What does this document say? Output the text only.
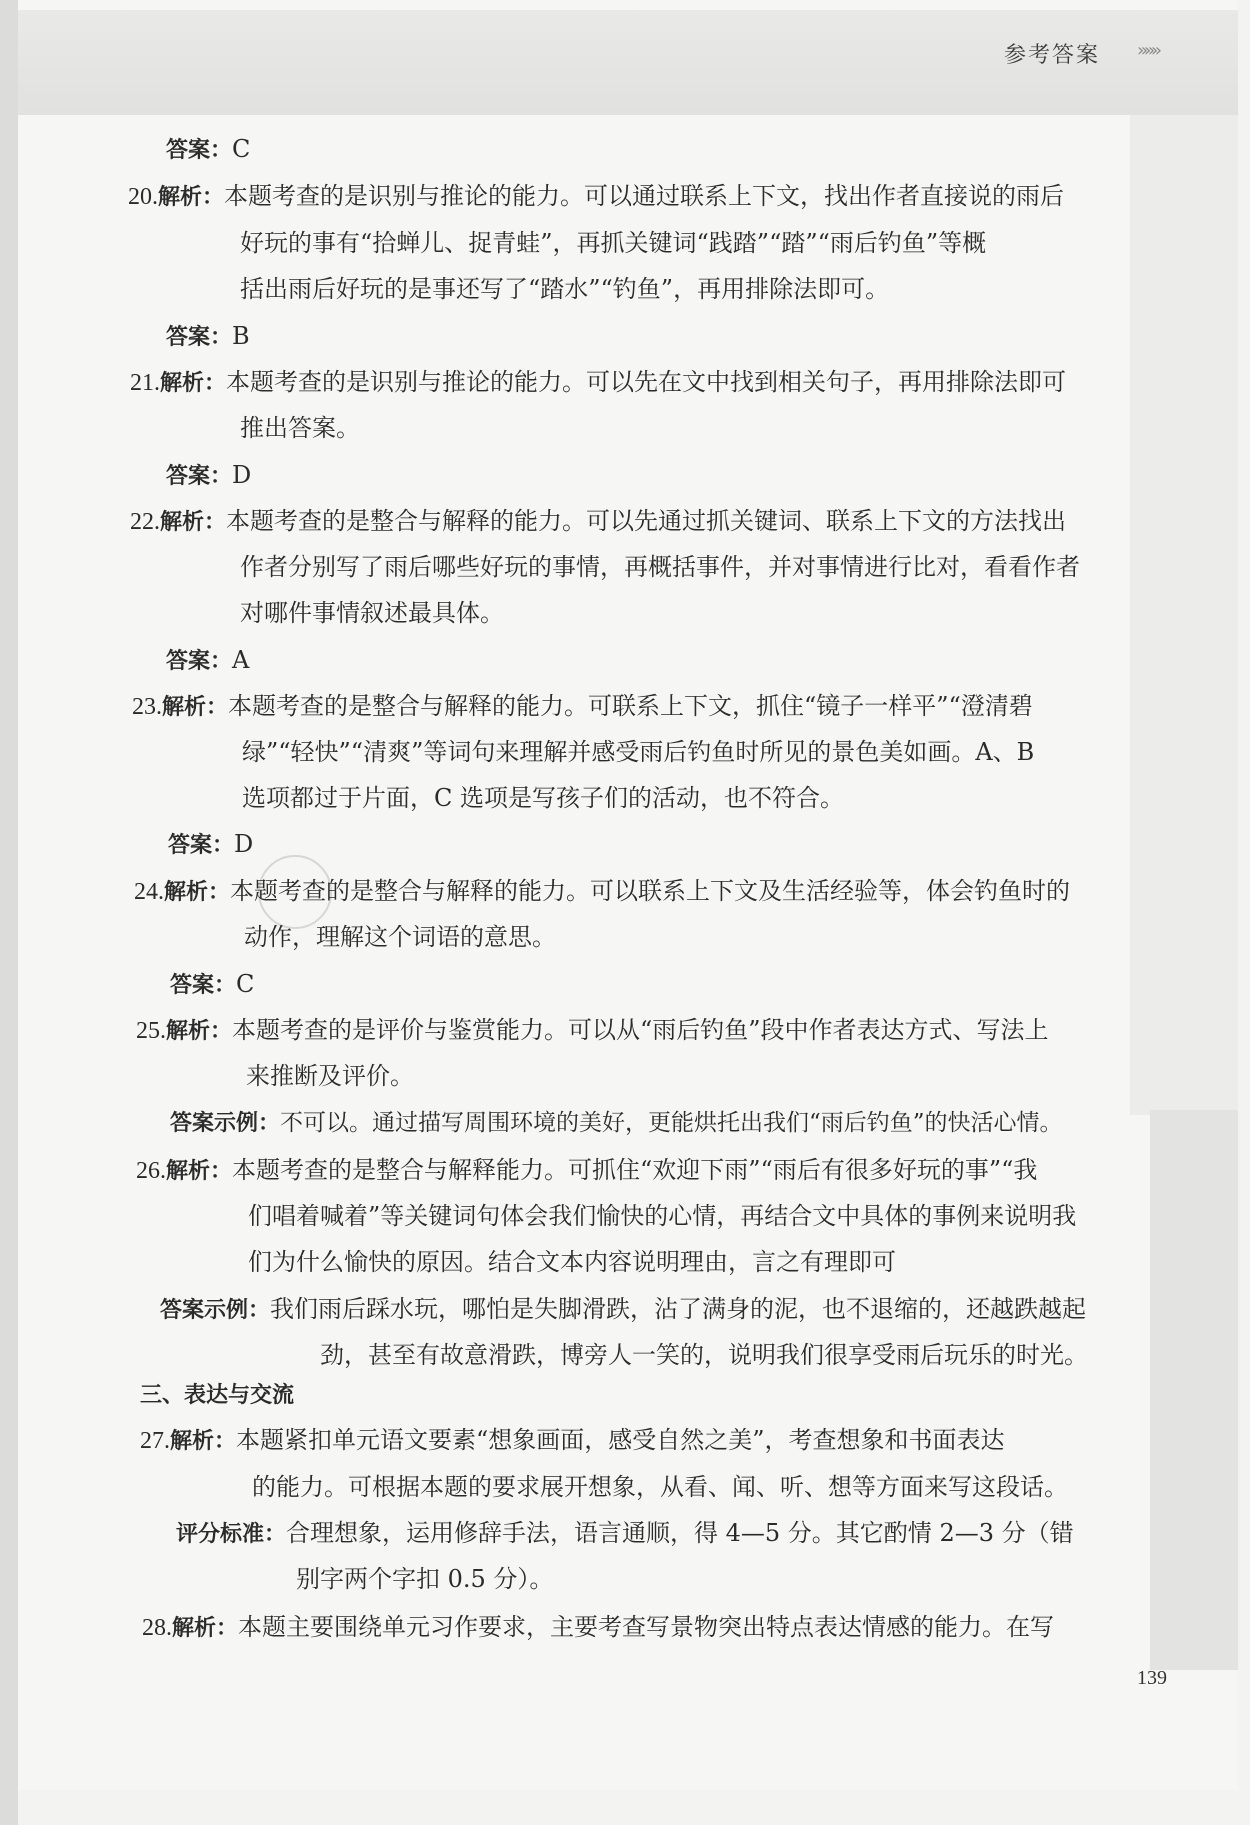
参考答案 »»»
答案：C
20.解析：本题考查的是识别与推论的能力。可以通过联系上下文，找出作者直接说的雨后
好玩的事有“拾蝉儿、捉青蛙”，再抓关键词“践踏”“踏”“雨后钓鱼”等概
括出雨后好玩的是事还写了“踏水”“钓鱼”，再用排除法即可。
答案：B
21.解析：本题考查的是识别与推论的能力。可以先在文中找到相关句子，再用排除法即可
推出答案。
答案：D
22.解析：本题考查的是整合与解释的能力。可以先通过抓关键词、联系上下文的方法找出
作者分别写了雨后哪些好玩的事情，再概括事件，并对事情进行比对，看看作者
对哪件事情叙述最具体。
答案：A
23.解析：本题考查的是整合与解释的能力。可联系上下文，抓住“镜子一样平”“澄清碧
绿”“轻快”“清爽”等词句来理解并感受雨后钓鱼时所见的景色美如画。A、B
选项都过于片面，C 选项是写孩子们的活动，也不符合。
答案：D
24.解析：本题考查的是整合与解释的能力。可以联系上下文及生活经验等，体会钓鱼时的
动作，理解这个词语的意思。
答案：C
25.解析：本题考查的是评价与鉴赏能力。可以从“雨后钓鱼”段中作者表达方式、写法上
来推断及评价。
答案示例：不可以。通过描写周围环境的美好，更能烘托出我们“雨后钓鱼”的快活心情。
26.解析：本题考查的是整合与解释能力。可抓住“欢迎下雨”“雨后有很多好玩的事”“我
们唱着喊着”等关键词句体会我们愉快的心情，再结合文中具体的事例来说明我
们为什么愉快的原因。结合文本内容说明理由，言之有理即可
答案示例：我们雨后踩水玩，哪怕是失脚滑跌，沾了满身的泥，也不退缩的，还越跌越起
劲，甚至有故意滑跌，博旁人一笑的，说明我们很享受雨后玩乐的时光。
三、表达与交流
27.解析：本题紧扣单元语文要素“想象画面，感受自然之美”，考查想象和书面表达
的能力。可根据本题的要求展开想象，从看、闻、听、想等方面来写这段话。
评分标准：合理想象，运用修辞手法，语言通顺，得 4—5 分。其它酌情 2—3 分（错
别字两个字扣 0.5 分）。
28.解析：本题主要围绕单元习作要求，主要考查写景物突出特点表达情感的能力。在写
139
